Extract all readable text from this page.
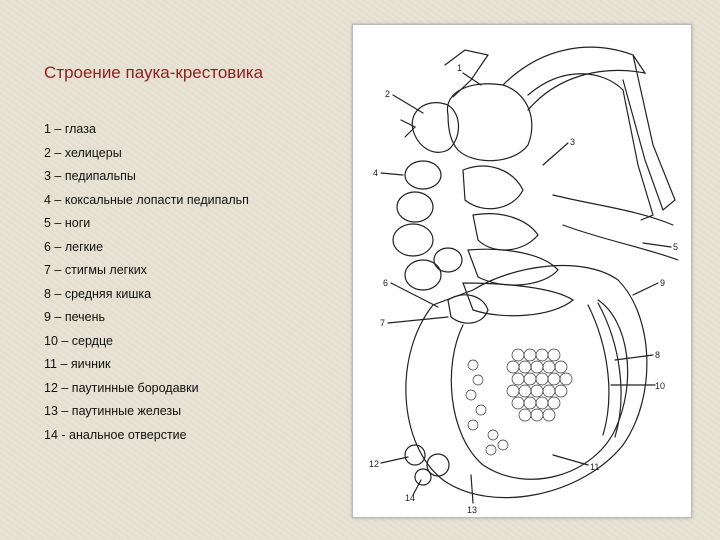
Строение паука-крестовика
1 – глаза
2 – хелицеры
3 – педипальпы
4 – коксальные лопасти педипальп
5 – ноги
6 – легкие
7 – стигмы легких
8 – средняя кишка
9 – печень
10 – сердце
11 – яичник
12 – паутинные бородавки
13 – паутинные железы
14 - анальное отверстие
1
2
3
4
5
6
7
8
9
10
11
12
13
14
